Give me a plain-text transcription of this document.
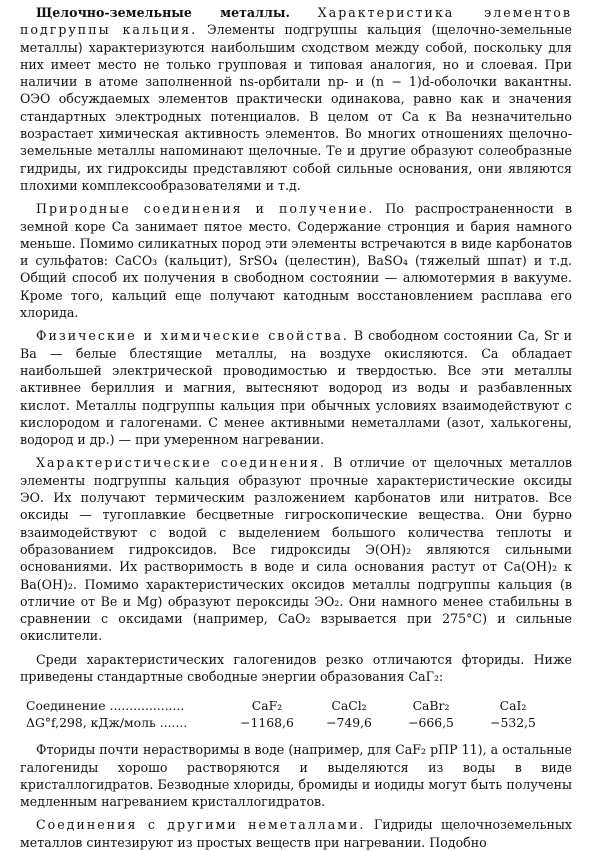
Щелочно-земельные металлы. Характеристика элементов подгруппы кальция. Элементы подгруппы кальция (щелочно-земельные металлы) характеризуются наибольшим сходством между собой, поскольку для них имеет место не только групповая и типовая аналогия, но и слоевая. При наличии в атоме заполненной ns-орбитали np- и (n − 1)d-оболочки вакантны. ОЭО обсуждаемых элементов практически одинакова, равно как и значения стандартных электродных потенциалов. В целом от Са к Ва незначительно возрастает химическая активность элементов. Во многих отношениях щелочно-земельные металлы напоминают щелочные. Те и другие образуют солеобразные гидриды, их гидроксиды представляют собой сильные основания, они являются плохими комплексообразователями и т.д.

Природные соединения и получение. По распространенности в земной коре Са занимает пятое место. Содержание стронция и бария намного меньше. Помимо силикатных пород эти элементы встречаются в виде карбонатов и сульфатов: CaCO₃ (кальцит), SrSO₄ (целестин), BaSO₄ (тяжелый шпат) и т.д. Общий способ их получения в свободном состоянии — алюмотермия в вакууме. Кроме того, кальций еще получают катодным восстановлением расплава его хлорида.

Физические и химические свойства. В свободном состоянии Са, Sr и Ва — белые блестящие металлы, на воздухе окисляются. Са обладает наибольшей электрической проводимостью и твердостью. Все эти металлы активнее бериллия и магния, вытесняют водород из воды и разбавленных кислот. Металлы подгруппы кальция при обычных условиях взаимодействуют с кислородом и галогенами. С менее активными неметаллами (азот, халькогены, водород и др.) — при умеренном нагревании.

Характеристические соединения. В отличие от щелочных металлов элементы подгруппы кальция образуют прочные характеристические оксиды ЭО. Их получают термическим разложением карбонатов или нитратов. Все оксиды — тугоплавкие бесцветные гигроскопические вещества. Они бурно взаимодействуют с водой с выделением большого количества теплоты и образованием гидроксидов. Все гидроксиды Э(OH)₂ являются сильными основаниями. Их растворимость в воде и сила основания растут от Ca(OH)₂ к Ba(OH)₂. Помимо характеристических оксидов металлы подгруппы кальция (в отличие от Be и Mg) образуют пероксиды ЭO₂. Они намного менее стабильны в сравнении с оксидами (например, CaO₂ взрывается при 275°C) и сильные окислители.

Среди характеристических галогенидов резко отличаются фториды. Ниже приведены стандартные свободные энергии образования CaГ₂:

Соединение ...................	CaF₂	CaCl₂	CaBr₂	CaI₂
ΔG°f,298, кДж/моль .......	−1168,6	−749,6	−666,5	−532,5

Фториды почти нерастворимы в воде (например, для CaF₂ pПР 11), а остальные галогениды хорошо растворяются и выделяются из воды в виде кристаллогидратов. Безводные хлориды, бромиды и иодиды могут быть получены медленным нагреванием кристаллогидратов.

Соединения с другими неметаллами. Гидриды щелочноземельных металлов синтезируют из простых веществ при нагревании. Подобно
